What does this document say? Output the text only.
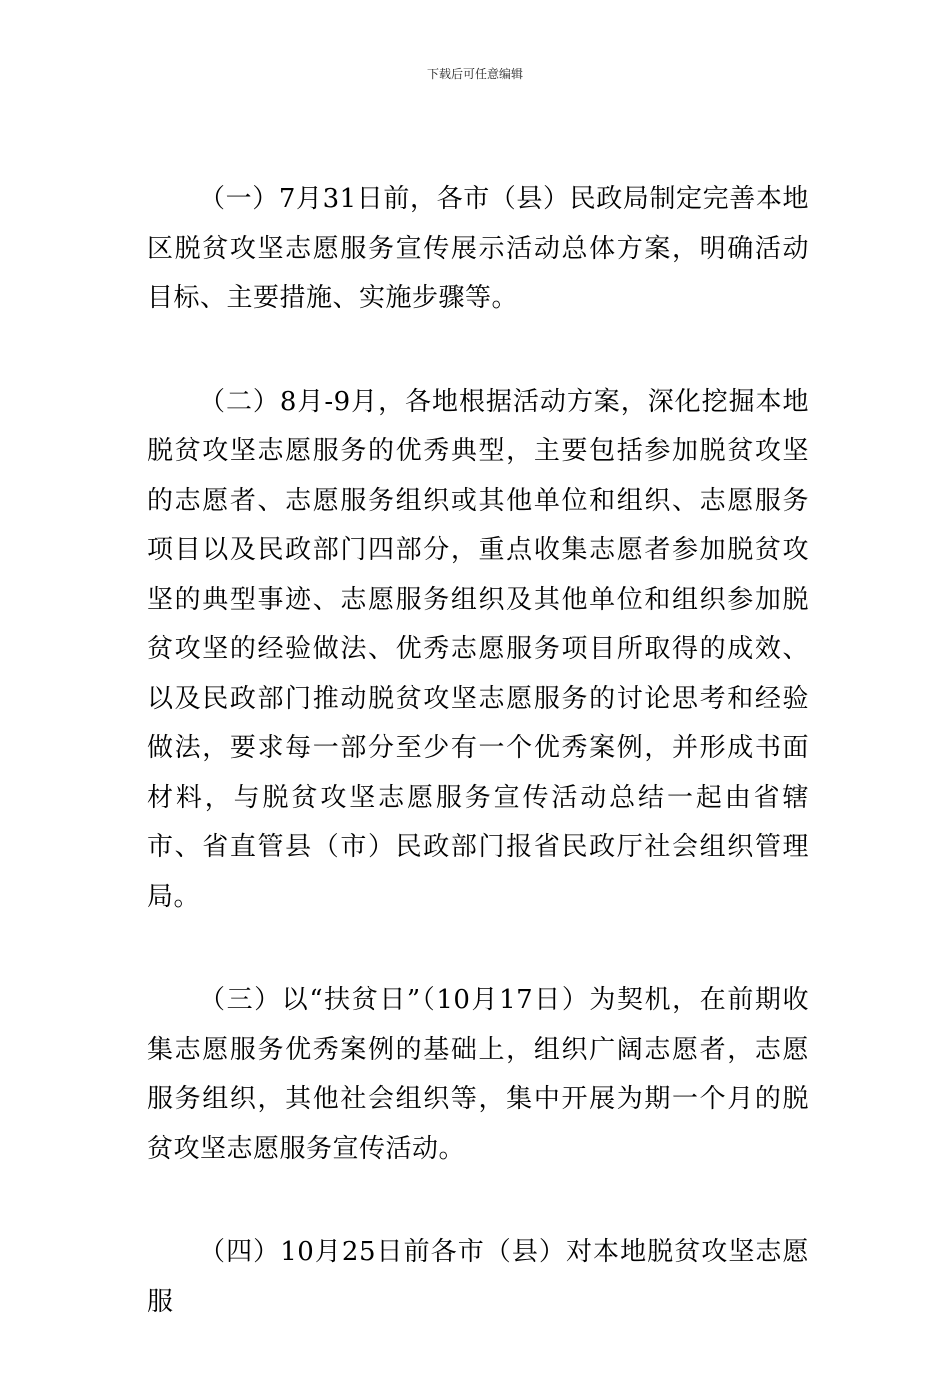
下载后可任意编辑

（一）7月31日前，各市（县）民政局制定完善本地区脱贫攻坚志愿服务宣传展示活动总体方案，明确活动目标、主要措施、实施步骤等。

（二）8月-9月，各地根据活动方案，深化挖掘本地脱贫攻坚志愿服务的优秀典型，主要包括参加脱贫攻坚的志愿者、志愿服务组织或其他单位和组织、志愿服务项目以及民政部门四部分，重点收集志愿者参加脱贫攻坚的典型事迹、志愿服务组织及其他单位和组织参加脱贫攻坚的经验做法、优秀志愿服务项目所取得的成效、以及民政部门推动脱贫攻坚志愿服务的讨论思考和经验做法，要求每一部分至少有一个优秀案例，并形成书面材料，与脱贫攻坚志愿服务宣传活动总结一起由省辖市、省直管县（市）民政部门报省民政厅社会组织管理局。

（三）以“扶贫日”（10月17日）为契机，在前期收集志愿服务优秀案例的基础上，组织广阔志愿者，志愿服务组织，其他社会组织等，集中开展为期一个月的脱贫攻坚志愿服务宣传活动。

（四）10月25日前各市（县）对本地脱贫攻坚志愿服
